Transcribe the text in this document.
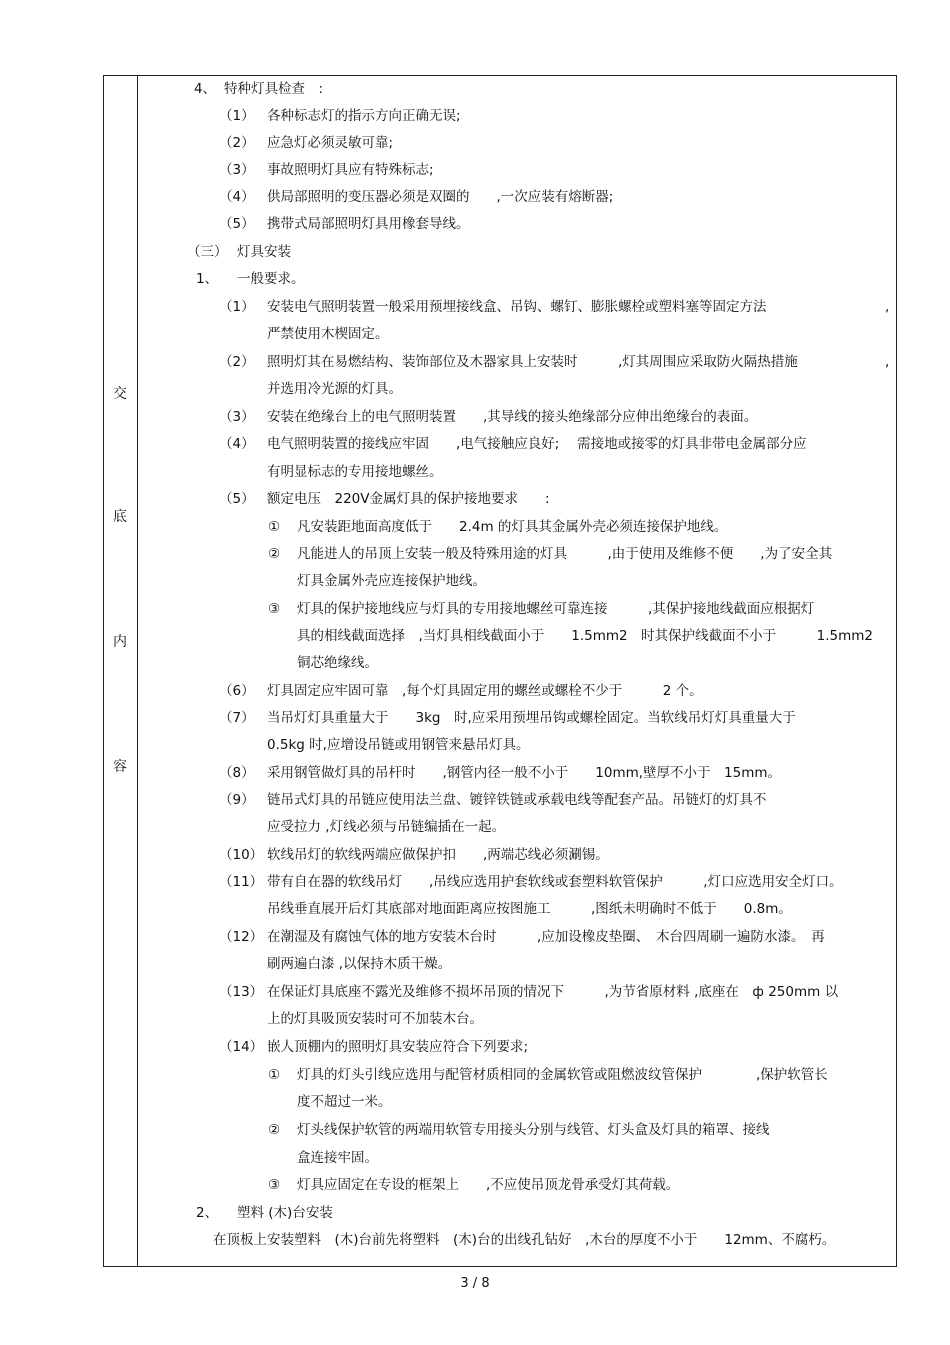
交
底
内
容
4、 特种灯具检查　:
（1） 各种标志灯的指示方向正确无误;
（2） 应急灯必须灵敏可靠;
（3） 事故照明灯具应有特殊标志;
（4） 供局部照明的变压器必须是双圈的　　,一次应装有熔断器;
（5） 携带式局部照明灯具用橡套导线。
（三） 灯具安装
1、 一般要求。
（1） 安装电气照明装置一般采用预埋接线盒、吊钩、螺钉、膨胀螺栓或塑料塞等固定方法	,
严禁使用木楔固定。
（2） 照明灯其在易燃结构、装饰部位及木器家具上安装时　　　,灯其周围应采取防火隔热措施	,
并选用冷光源的灯具。
（3） 安装在绝缘台上的电气照明装置　　,其导线的接头绝缘部分应伸出绝缘台的表面。
（4） 电气照明装置的接线应牢固　　,电气接触应良好;　 需接地或接零的灯具非带电金属部分应
有明显标志的专用接地螺丝。
（5） 额定电压　220Ⅴ金属灯具的保护接地要求　　:
① 凡安装距地面高度低于　　2.4m 的灯具其金属外壳必须连接保护地线。
② 凡能进人的吊顶上安装一般及特殊用途的灯具　　　,由于使用及维修不便　　,为了安全其
灯具金属外壳应连接保护地线。
③ 灯具的保护接地线应与灯具的专用接地螺丝可靠连接　　　,其保护接地线截面应根据灯
具的相线截面选择　,当灯具相线截面小于　　1.5mm2　时其保护线截面不小于　　　1.5mm2
铜芯绝缘线。
（6） 灯具固定应牢固可靠　,每个灯具固定用的螺丝或螺栓不少于　　　2 个。
（7） 当吊灯灯具重量大于　　3kg　时,应采用预埋吊钩或螺栓固定。当软线吊灯灯具重量大于
0.5kg 时,应增设吊链或用钢管来悬吊灯具。
（8） 采用钢管做灯具的吊杆时　　,钢管内径一般不小于　　10mm,壁厚不小于　15mm。
（9） 链吊式灯具的吊链应使用法兰盘、镀锌铁链或承载电线等配套产品。吊链灯的灯具不
应受拉力 ,灯线必须与吊链编插在一起。
（10） 软线吊灯的软线两端应做保护扣　　,两端芯线必须涮锡。
（11） 带有自在器的软线吊灯　　,吊线应选用护套软线或套塑料软管保护　　　,灯口应选用安全灯口。
吊线垂直展开后灯其底部对地面距离应按图施工　　　,图纸未明确时不低于　　0.8m。
（12） 在潮湿及有腐蚀气体的地方安装木台时　　　,应加设橡皮垫圈、　木台四周刷一遍防水漆。　再
刷两遍白漆 ,以保持木质干燥。
（13） 在保证灯具底座不露光及维修不损坏吊顶的情况下　　　,为节省原材料 ,底座在　ф 250mm 以
上的灯具吸顶安装时可不加装木台。
（14） 嵌人顶棚内的照明灯具安装应符合下列要求;
① 灯具的灯头引线应选用与配管材质相同的金属软管或阻燃波纹管保护　　　　,保护软管长
度不超过一米。
② 灯头线保护软管的两端用软管专用接头分别与线管、灯头盒及灯具的箱罩、接线
盒连接牢固。
③ 灯具应固定在专设的框架上　　,不应使吊顶龙骨承受灯其荷载。
2、 塑料 (木)台安装
在顶板上安装塑料　(木)台前先将塑料　(木)台的出线孔钻好　,木台的厚度不小于　　12mm、不腐朽。
3 / 8
